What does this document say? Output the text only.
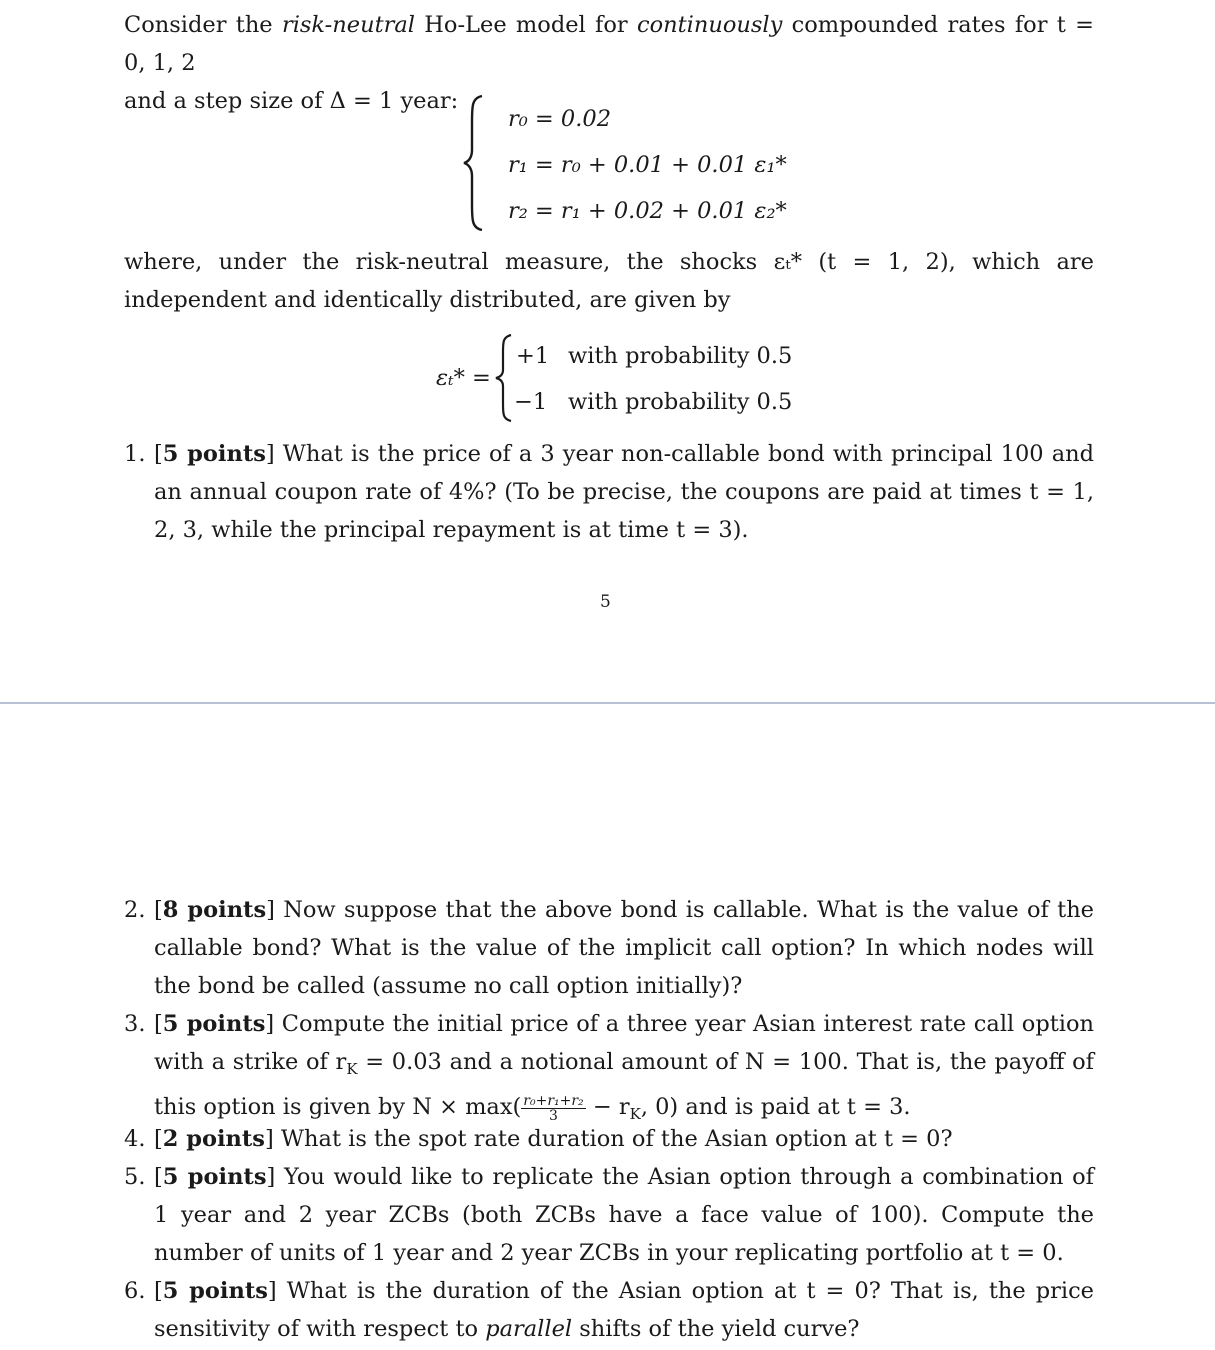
Consider the risk-neutral Ho-Lee model for continuously compounded rates for t = 0, 1, 2
and a step size of Δ = 1 year:

r₀ = 0.02
r₁ = r₀ + 0.01 + 0.01 ε₁*
r₂ = r₁ + 0.02 + 0.01 ε₂*

where, under the risk-neutral measure, the shocks εₜ* (t = 1, 2), which are independent and identically distributed, are given by

εₜ* =
+1 with probability 0.5
−1 with probability 0.5
1. [5 points] What is the price of a 3 year non-callable bond with principal 100 and an annual coupon rate of 4%? (To be precise, the coupons are paid at times t = 1, 2, 3, while the principal repayment is at time t = 3).
5
2. [8 points] Now suppose that the above bond is callable. What is the value of the callable bond? What is the value of the implicit call option? In which nodes will the bond be called (assume no call option initially)?
3. [5 points] Compute the initial price of a three year Asian interest rate call option with a strike of $r_K = 0.03$ and a notional amount of N = 100. That is, the payoff of this option is given by $N \times \max( \frac{\text{r₀+r₁+r₂}}{3} - r_K$, 0) and is paid at t = 3.
4. [2 points] What is the spot rate duration of the Asian option at t = 0?
5. [5 points] You would like to replicate the Asian option through a combination of 1 year and 2 year ZCBs (both ZCBs have a face value of 100). Compute the number of units of 1 year and 2 year ZCBs in your replicating portfolio at t = 0.
6. [5 points] What is the duration of the Asian option at t = 0? That is, the price sensitivity of with respect to parallel shifts of the yield curve?
